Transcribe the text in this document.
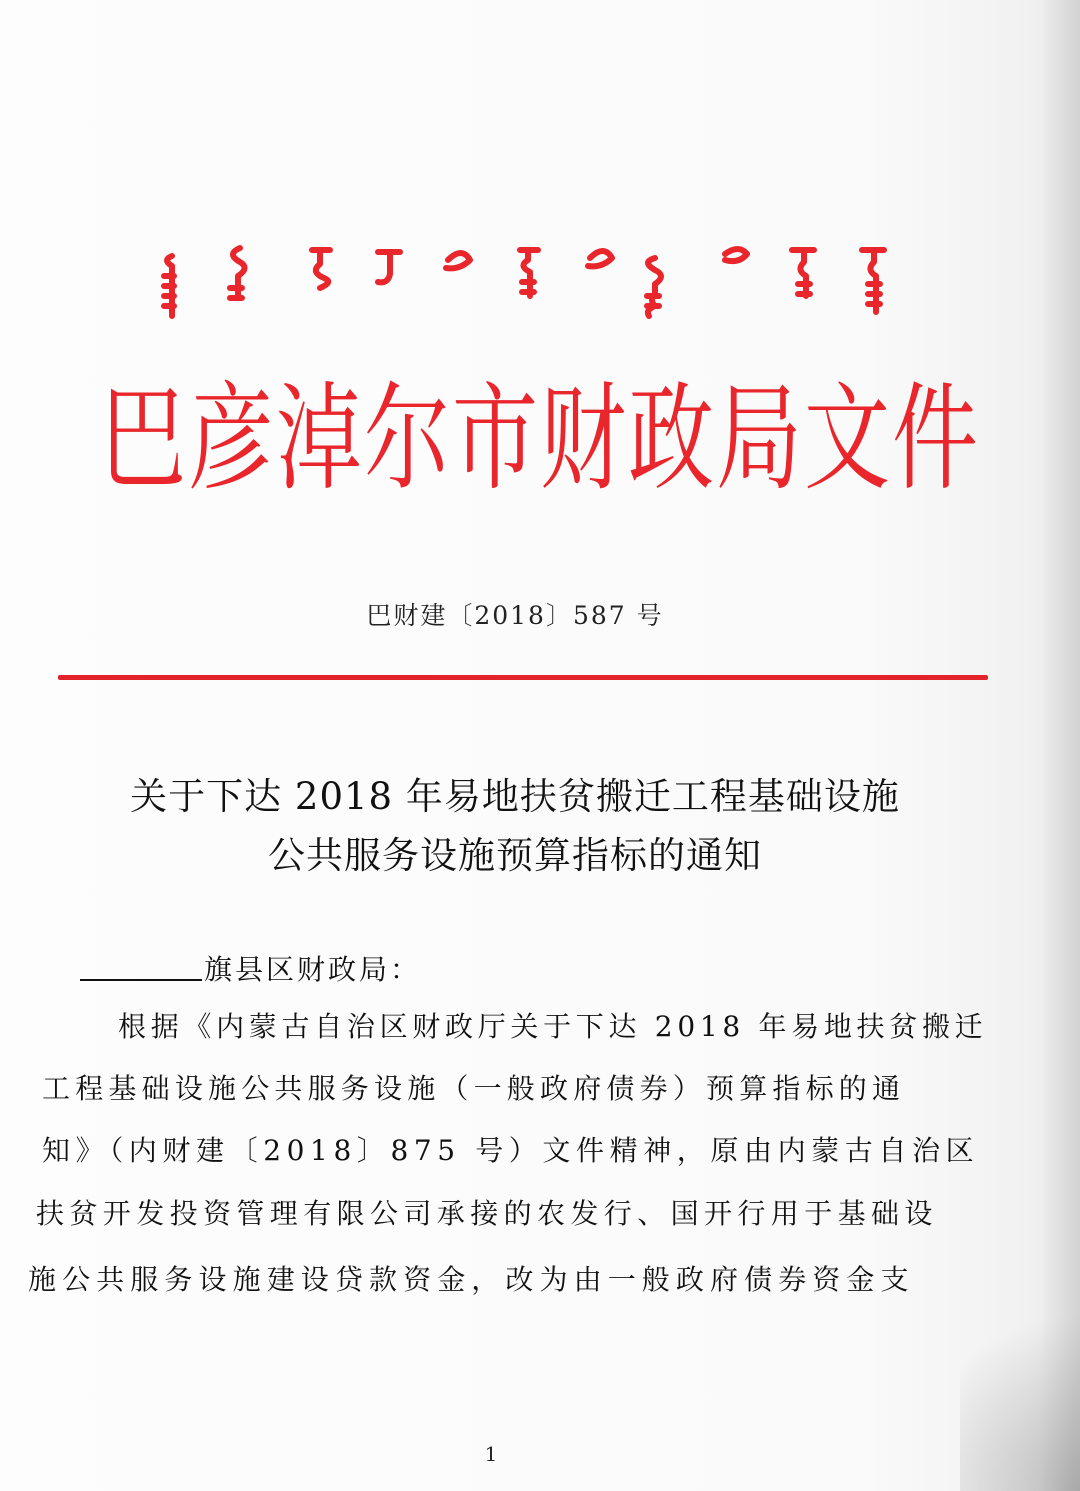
巴彦淖尔市财政局文件
巴财建〔2018〕587 号
关于下达 2018 年易地扶贫搬迁工程基础设施
公共服务设施预算指标的通知
旗县区财政局：
根据《内蒙古自治区财政厅关于下达 2018 年易地扶贫搬迁
工程基础设施公共服务设施（一般政府债券）预算指标的通
知》（内财建〔2018〕875 号）文件精神，原由内蒙古自治区
扶贫开发投资管理有限公司承接的农发行、国开行用于基础设
施公共服务设施建设贷款资金，改为由一般政府债券资金支
1
